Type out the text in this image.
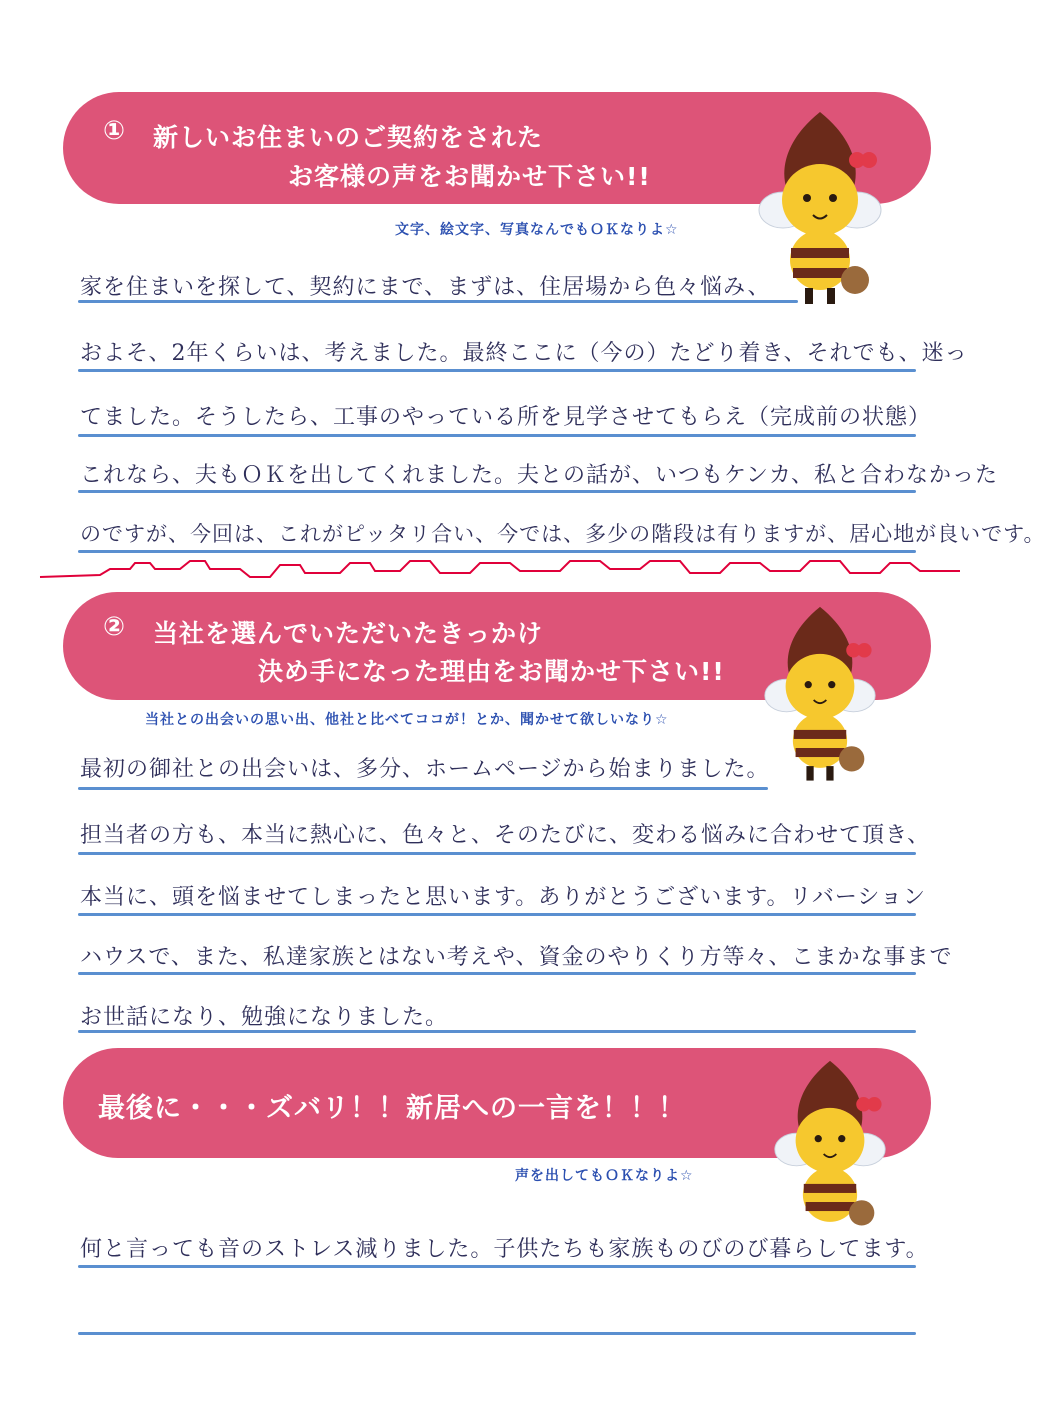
① 新しいお住まいのご契約をされた
お客様の声をお聞かせ下さい!!
文字、絵文字、写真なんでもＯＫなりよ☆
家を住まいを探して、契約にまで、まずは、住居場から色々悩み、
およそ、2年くらいは、考えました。最終ここに（今の）たどり着き、それでも、迷っ
てました。そうしたら、工事のやっている所を見学させてもらえ（完成前の状態）
これなら、夫もＯＫを出してくれました。夫との話が、いつもケンカ、私と合わなかった
のですが、今回は、これがピッタリ合い、今では、多少の階段は有りますが、居心地が良いです。
② 当社を選んでいただいたきっかけ
決め手になった理由をお聞かせ下さい!!
当社との出会いの思い出、他社と比べてココが！とか、聞かせて欲しいなり☆
最初の御社との出会いは、多分、ホームページから始まりました。
担当者の方も、本当に熱心に、色々と、そのたびに、変わる悩みに合わせて頂き、
本当に、頭を悩ませてしまったと思います。ありがとうございます。リバーション
ハウスで、また、私達家族とはない考えや、資金のやりくり方等々、こまかな事まで
お世話になり、勉強になりました。
最後に・・・ズバリ！！新居への一言を！！！
声を出してもＯＫなりよ☆
何と言っても音のストレス減りました。子供たちも家族ものびのび暮らしてます。
